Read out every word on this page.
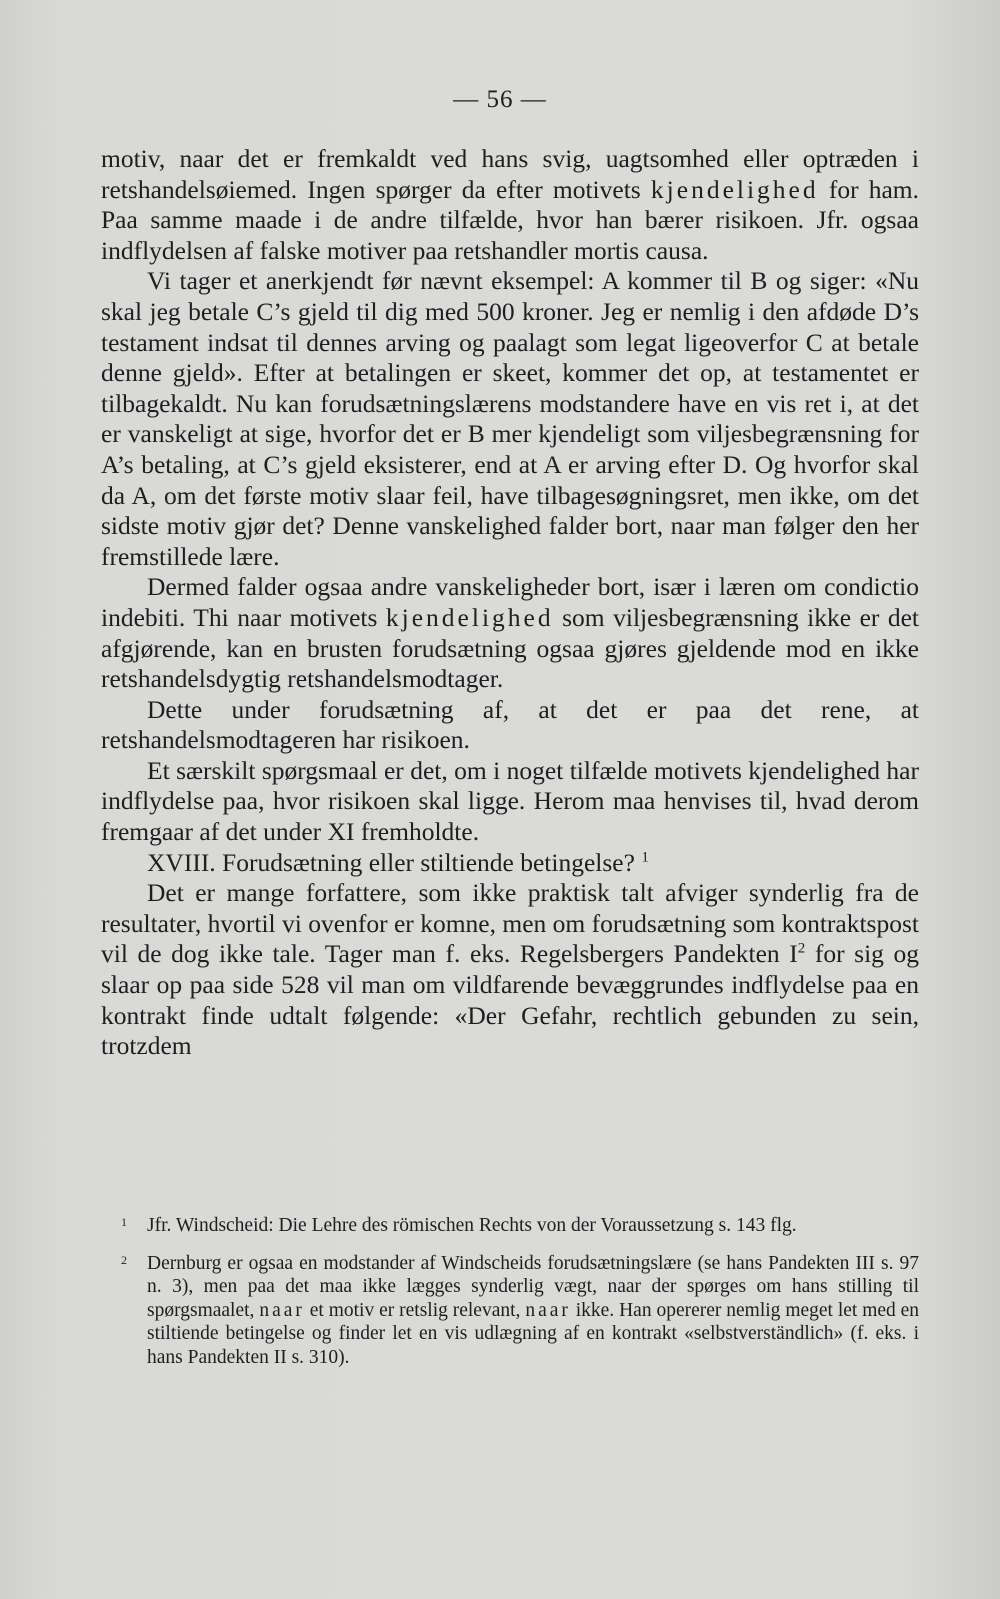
— 56 —

motiv, naar det er fremkaldt ved hans svig, uagtsomhed eller optræden i retshandelsøiemed. Ingen spørger da efter motivets kjendelighed for ham. Paa samme maade i de andre tilfælde, hvor han bærer risikoen. Jfr. ogsaa indflydelsen af falske motiver paa retshandler mortis causa.

Vi tager et anerkjendt før nævnt eksempel: A kommer til B og siger: «Nu skal jeg betale C’s gjeld til dig med 500 kroner. Jeg er nemlig i den afdøde D’s testament indsat til dennes arving og paalagt som legat ligeoverfor C at betale denne gjeld». Efter at betalingen er skeet, kommer det op, at testamentet er tilbagekaldt. Nu kan forudsætningslærens modstandere have en vis ret i, at det er vanskeligt at sige, hvorfor det er B mer kjendeligt som viljesbegrænsning for A’s betaling, at C’s gjeld eksisterer, end at A er arving efter D. Og hvorfor skal da A, om det første motiv slaar feil, have tilbagesøgningsret, men ikke, om det sidste motiv gjør det? Denne vanskelighed falder bort, naar man følger den her fremstillede lære.

Dermed falder ogsaa andre vanskeligheder bort, især i læren om condictio indebiti. Thi naar motivets kjendelighed som viljesbegrænsning ikke er det afgjørende, kan en brusten forudsætning ogsaa gjøres gjeldende mod en ikke retshandelsdygtig retshandelsmodtager.

Dette under forudsætning af, at det er paa det rene, at retshandelsmodtageren har risikoen.

Et særskilt spørgsmaal er det, om i noget tilfælde motivets kjendelighed har indflydelse paa, hvor risikoen skal ligge. Herom maa henvises til, hvad derom fremgaar af det under XI fremholdte.

XVIII. Forudsætning eller stiltiende betingelse? $^1$

Det er mange forfattere, som ikke praktisk talt afviger synderlig fra de resultater, hvortil vi ovenfor er komne, men om forudsætning som kontraktspost vil de dog ikke tale. Tager man f. eks. Regelsbergers Pandekten I$^2$ for sig og slaar op paa side 528 vil man om vildfarende bevæggrundes indflydelse paa en kontrakt finde udtalt følgende: «Der Gefahr, rechtlich gebunden zu sein, trotzdem

1 Jfr. Windscheid: Die Lehre des römischen Rechts von der Voraussetzung s. 143 flg.
2 Dernburg er ogsaa en modstander af Windscheids forudsætningslære (se hans Pandekten III s. 97 n. 3), men paa det maa ikke lægges synderlig vægt, naar der spørges om hans stilling til spørgsmaalet, naar et motiv er retslig relevant, naar ikke. Han opererer nemlig meget let med en stiltiende betingelse og finder let en vis udlægning af en kontrakt «selbstverständlich» (f. eks. i hans Pandekten II s. 310).
